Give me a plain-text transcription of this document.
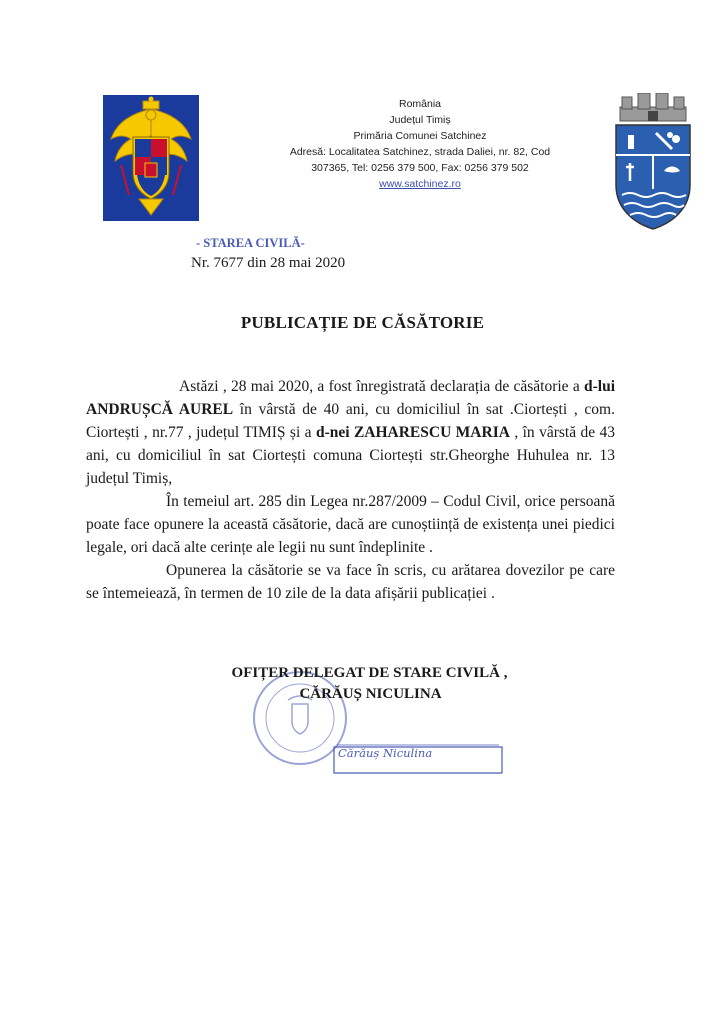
România
Județul Timiș
Primăria Comunei Satchinez
Adresă: Localitatea Satchinez, strada Daliei, nr. 82, Cod
307365, Tel: 0256 379 500, Fax: 0256 379 502
www.satchinez.ro
- STAREA CIVILĂ-
Nr. 7677 din 28 mai 2020
PUBLICAȚIE DE CĂSĂTORIE

Astăzi , 28 mai 2020, a fost înregistrată declarația de căsătorie a d-lui ANDRUȘCĂ AUREL în vârstă de 40 ani, cu domiciliul în sat .Ciortești , com. Ciortești , nr.77 , județul TIMIȘ și a d-nei ZAHARESCU MARIA , în vârstă de 43 ani, cu domiciliul în sat Ciortești comuna Ciortești str.Gheorghe Huhulea nr. 13 județul Timiș,

În temeiul art. 285 din Legea nr.287/2009 – Codul Civil, orice persoană poate face opunere la această căsătorie, dacă are cunoștiință de existența unei piedici legale, ori dacă alte cerințe ale legii nu sunt îndeplinite .

Opunerea la căsătorie se va face în scris, cu arătarea dovezilor pe care se întemeiează, în termen de 10 zile de la data afișării publicației .

OFIȚER DELEGAT DE STARE CIVILĂ ,
CĂRĂUȘ NICULINA
Cărăuș Niculina
